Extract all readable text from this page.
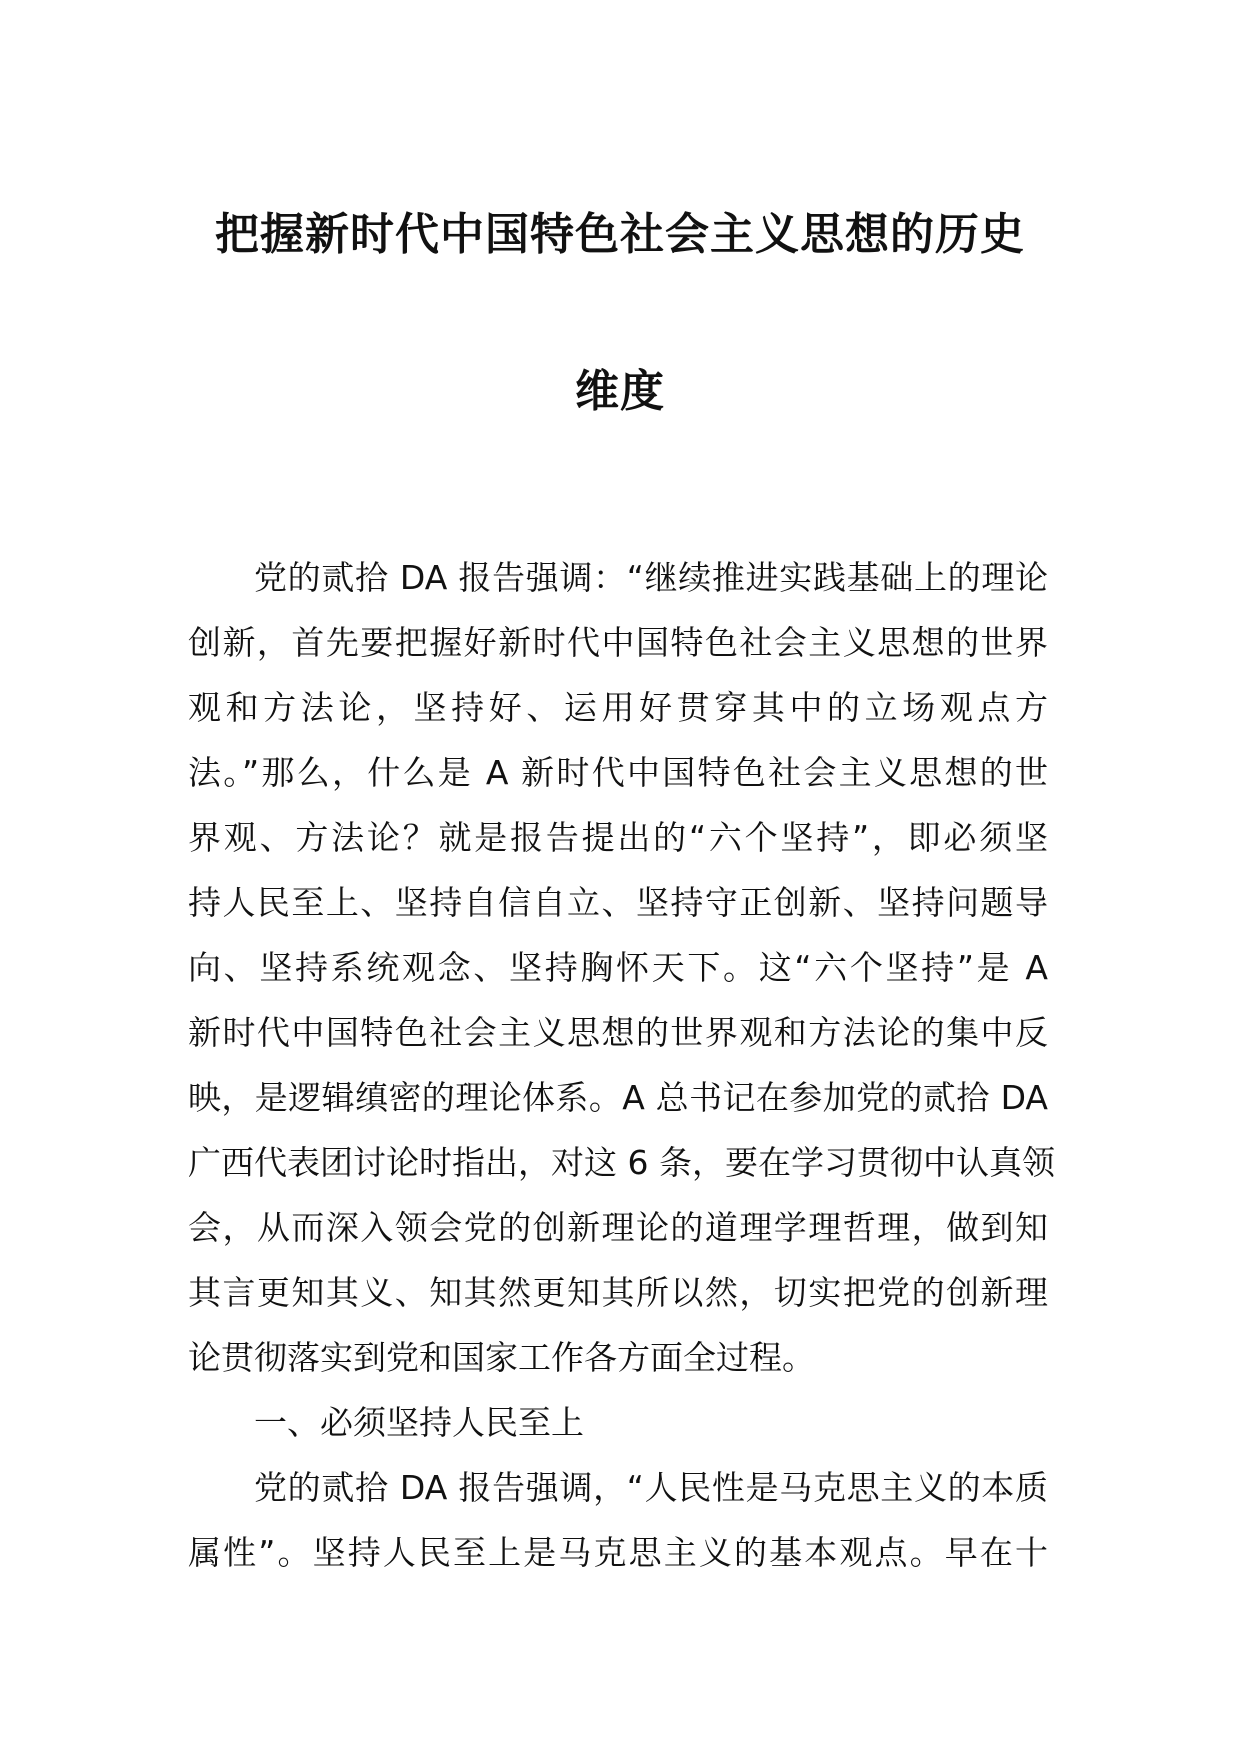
把握新时代中国特色社会主义思想的历史
维度
党的贰拾 DA 报告强调：“继续推进实践基础上的理论
创新，首先要把握好新时代中国特色社会主义思想的世界
观和方法论，坚持好、运用好贯穿其中的立场观点方
法。”那么，什么是 A 新时代中国特色社会主义思想的世
界观、方法论？就是报告提出的“六个坚持”，即必须坚
持人民至上、坚持自信自立、坚持守正创新、坚持问题导
向、坚持系统观念、坚持胸怀天下。这“六个坚持”是 A
新时代中国特色社会主义思想的世界观和方法论的集中反
映，是逻辑缜密的理论体系。A 总书记在参加党的贰拾 DA
广西代表团讨论时指出，对这 6 条，要在学习贯彻中认真领
会，从而深入领会党的创新理论的道理学理哲理，做到知
其言更知其义、知其然更知其所以然，切实把党的创新理
论贯彻落实到党和国家工作各方面全过程。
一、必须坚持人民至上
党的贰拾 DA 报告强调，“人民性是马克思主义的本质
属性”。坚持人民至上是马克思主义的基本观点。早在十
